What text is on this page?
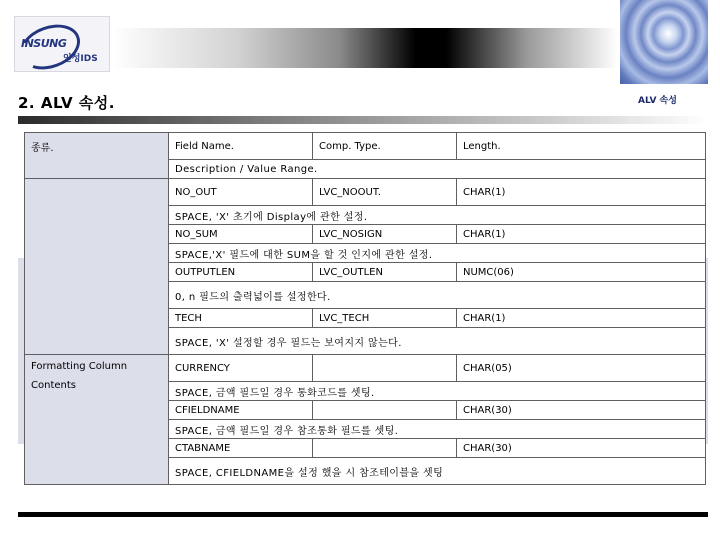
INSUNG
인성IDS
2. ALV 속성.	ALV 속성
종류.	Field Name.	Comp. Type.	Length.
	Description / Value Range.		
	NO_OUT	LVC_NOOUT.	CHAR(1)
	SPACE, 'X' 초기에 Display에 관한 설정.		
	NO_SUM	LVC_NOSIGN	CHAR(1)
	SPACE,'X' 필드에 대한 SUM을 할 것 인지에 관한 설정.		
	OUTPUTLEN	LVC_OUTLEN	NUMC(06)
	0, n 필드의 출력넓이를 설정한다.		
	TECH	LVC_TECH	CHAR(1)
	SPACE, 'X' 설정할 경우 필드는 보여지지 않는다.		

Formatting Column
Contents	CURRENCY		CHAR(05)
	SPACE, 금액 필드일 경우 통화코드를 셋팅.		
	CFIELDNAME		CHAR(30)
	SPACE, 금액 필드일 경우 참조통화 필드를 셋팅.		
	CTABNAME		CHAR(30)
	SPACE, CFIELDNAME을 설정 했을 시 참조테이블을 셋팅		
